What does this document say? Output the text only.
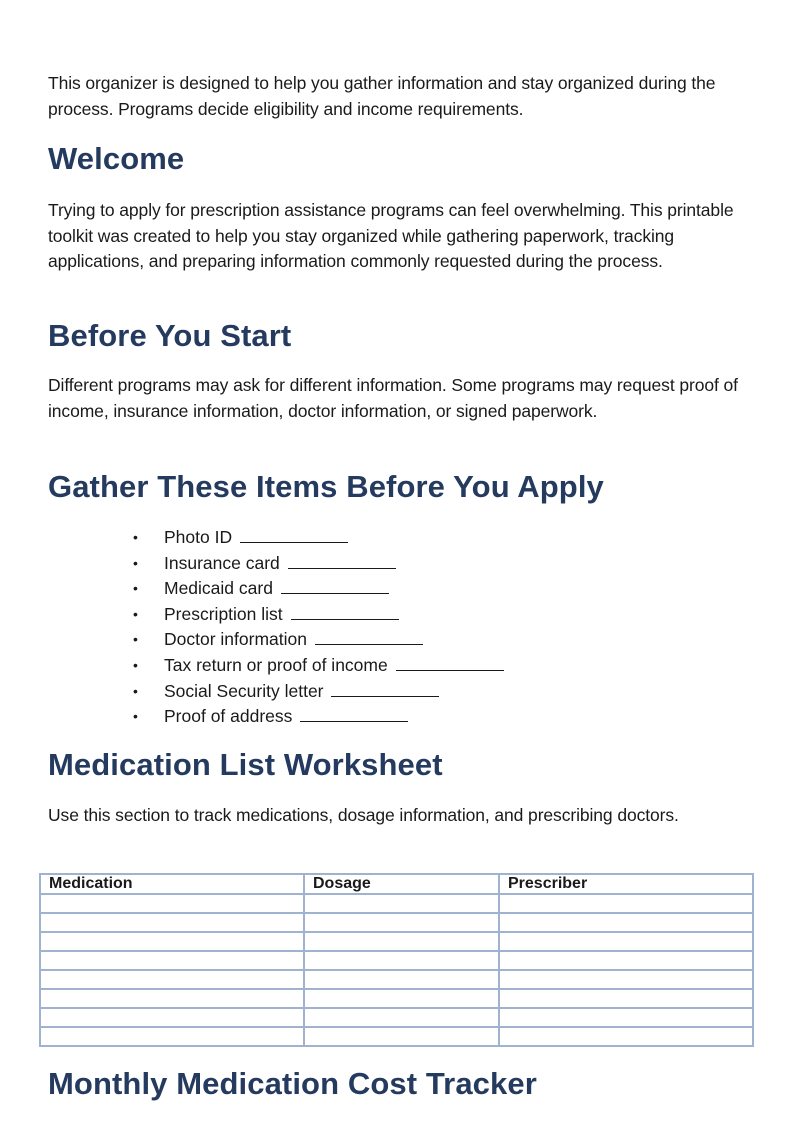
This organizer is designed to help you gather information and stay organized during the process. Programs decide eligibility and income requirements.

Welcome

Trying to apply for prescription assistance programs can feel overwhelming. This printable toolkit was created to help you stay organized while gathering paperwork, tracking applications, and preparing information commonly requested during the process.

Before You Start

Different programs may ask for different information. Some programs may request proof of income, insurance information, doctor information, or signed paperwork.

Gather These Items Before You Apply
• Photo ID
• Insurance card
• Medicaid card
• Prescription list
• Doctor information
• Tax return or proof of income
• Social Security letter
• Proof of address
Medication List Worksheet

Use this section to track medications, dosage information, and prescribing doctors.

Medication	Dosage	Prescriber

Monthly Medication Cost Tracker
